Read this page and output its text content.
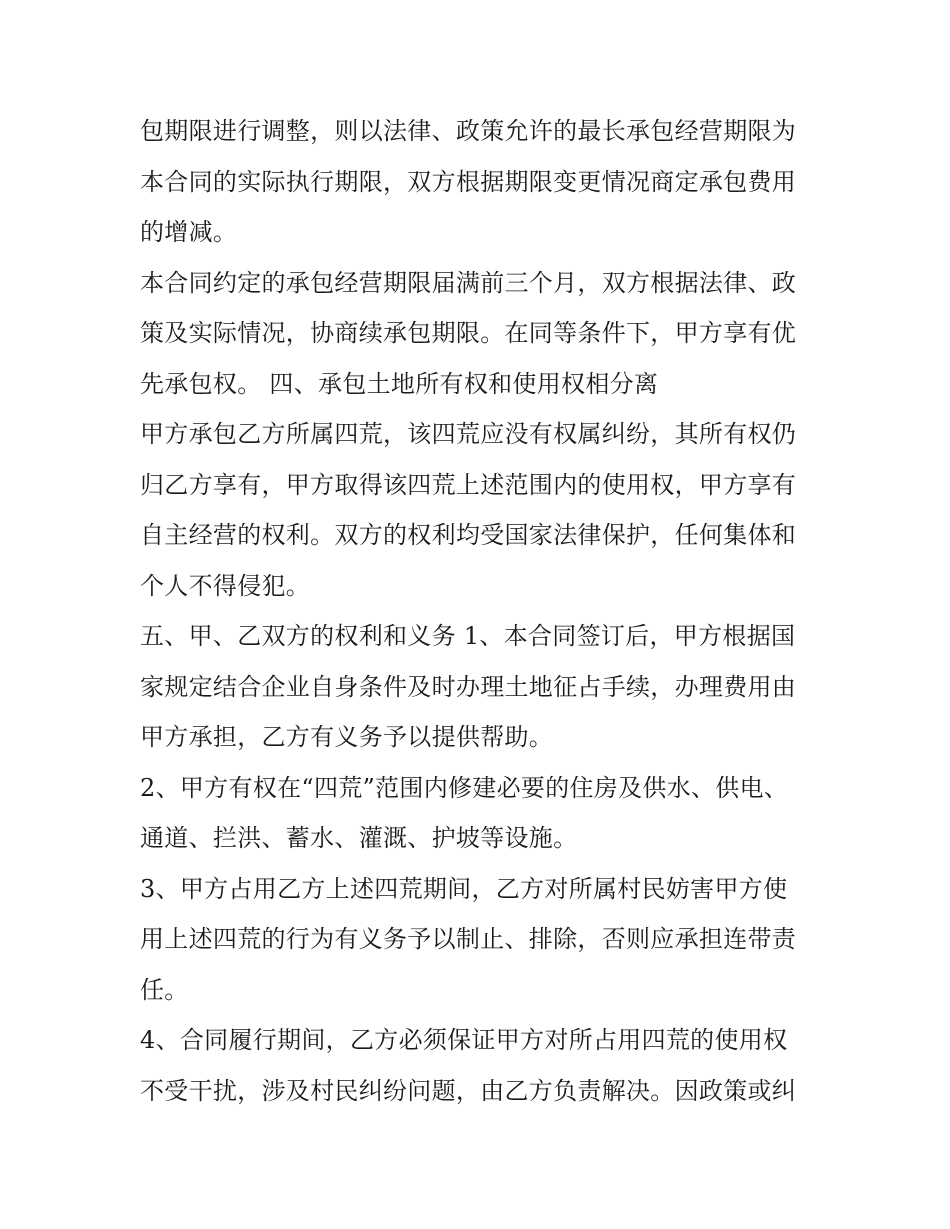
包期限进行调整，则以法律、政策允许的最长承包经营期限为
本合同的实际执行期限，双方根据期限变更情况商定承包费用
的增减。
本合同约定的承包经营期限届满前三个月，双方根据法律、政
策及实际情况，协商续承包期限。在同等条件下，甲方享有优
先承包权。 四、承包土地所有权和使用权相分离
甲方承包乙方所属四荒，该四荒应没有权属纠纷，其所有权仍
归乙方享有，甲方取得该四荒上述范围内的使用权，甲方享有
自主经营的权利。双方的权利均受国家法律保护，任何集体和
个人不得侵犯。
五、甲、乙双方的权利和义务 1、本合同签订后，甲方根据国
家规定结合企业自身条件及时办理土地征占手续，办理费用由
甲方承担，乙方有义务予以提供帮助。
2、甲方有权在“四荒”范围内修建必要的住房及供水、供电、
通道、拦洪、蓄水、灌溉、护坡等设施。
3、甲方占用乙方上述四荒期间，乙方对所属村民妨害甲方使
用上述四荒的行为有义务予以制止、排除，否则应承担连带责
任。
4、合同履行期间，乙方必须保证甲方对所占用四荒的使用权
不受干扰，涉及村民纠纷问题，由乙方负责解决。因政策或纠
